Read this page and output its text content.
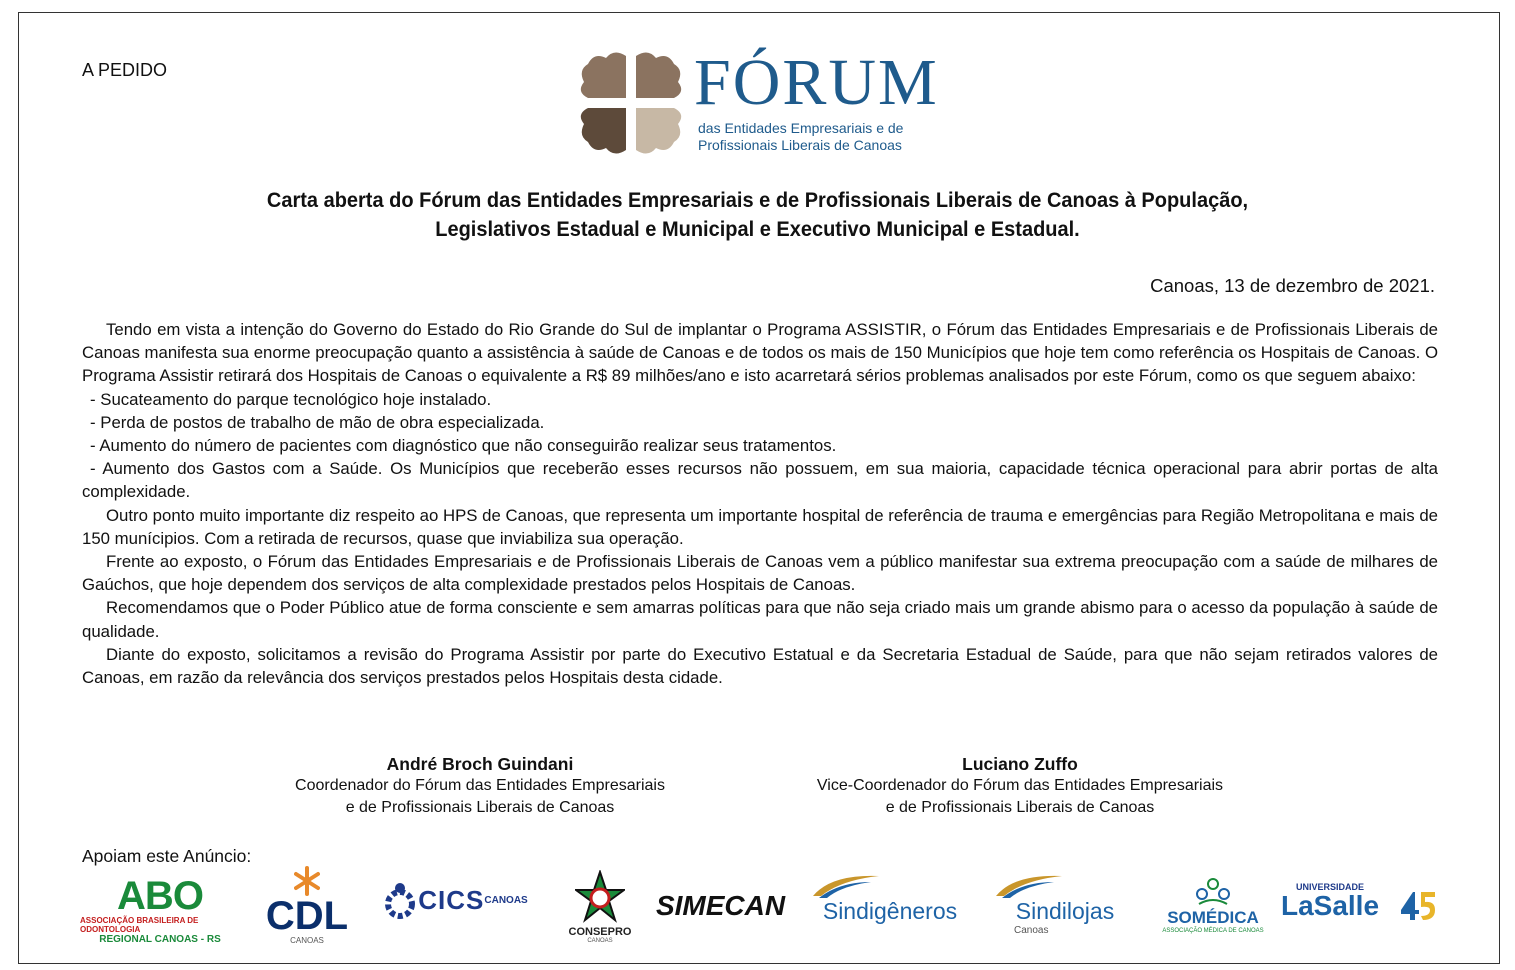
A PEDIDO	FÓRUM
das Entidades Empresariais e de
Profissionais Liberais de Canoas
Carta aberta do Fórum das Entidades Empresariais e de Profissionais Liberais de Canoas à População,
Legislativos Estadual e Municipal e Executivo Municipal e Estadual.
Canoas, 13 de dezembro de 2021.

Tendo em vista a intenção do Governo do Estado do Rio Grande do Sul de implantar o Programa ASSISTIR, o Fórum das Entidades Empresariais e de Profissionais Liberais de Canoas manifesta sua enorme preocupação quanto a assistência à saúde de Canoas e de todos os mais de 150 Municípios que hoje tem como referência os Hospitais de Canoas. O Programa Assistir retirará dos Hospitais de Canoas o equivalente a R$ 89 milhões/ano e isto acarretará sérios problemas analisados por este Fórum, como os que seguem abaixo:

- Sucateamento do parque tecnológico hoje instalado.

- Perda de postos de trabalho de mão de obra especializada.

- Aumento do número de pacientes com diagnóstico que não conseguirão realizar seus tratamentos.

- Aumento dos Gastos com a Saúde. Os Municípios que receberão esses recursos não possuem, em sua maioria, capacidade técnica operacional para abrir portas de alta complexidade.

Outro ponto muito importante diz respeito ao HPS de Canoas, que representa um importante hospital de referência de trauma e emergências para Região Metropolitana e mais de 150 munícipios. Com a retirada de recursos, quase que inviabiliza sua operação.

Frente ao exposto, o Fórum das Entidades Empresariais e de Profissionais Liberais de Canoas vem a público manifestar sua extrema preocupação com a saúde de milhares de Gaúchos, que hoje dependem dos serviços de alta complexidade prestados pelos Hospitais de Canoas.

Recomendamos que o Poder Público atue de forma consciente e sem amarras políticas para que não seja criado mais um grande abismo para o acesso da população à saúde de qualidade.

Diante do exposto, solicitamos a revisão do Programa Assistir por parte do Executivo Estatual e da Secretaria Estadual de Saúde, para que não sejam retirados valores de Canoas, em razão da relevância dos serviços prestados pelos Hospitais desta cidade.

André Broch Guindani
Coordenador do Fórum das Entidades Empresariais
e de Profissionais Liberais de Canoas
Luciano Zuffo
Vice-Coordenador do Fórum das Entidades Empresariais
e de Profissionais Liberais de Canoas
Apoiam este Anúncio:
ABO
ASSOCIAÇÃO BRASILEIRA DE ODONTOLOGIA
REGIONAL CANOAS - RS
CDL
CANOAS
CICS CANOAS
CONSEPRO
CANOAS
SIMECAN Sindigêneros	Sindilojas
Canoas
SOMÉDICA
ASSOCIAÇÃO MÉDICA DE CANOAS
UNIVERSIDADE
LaSalle
